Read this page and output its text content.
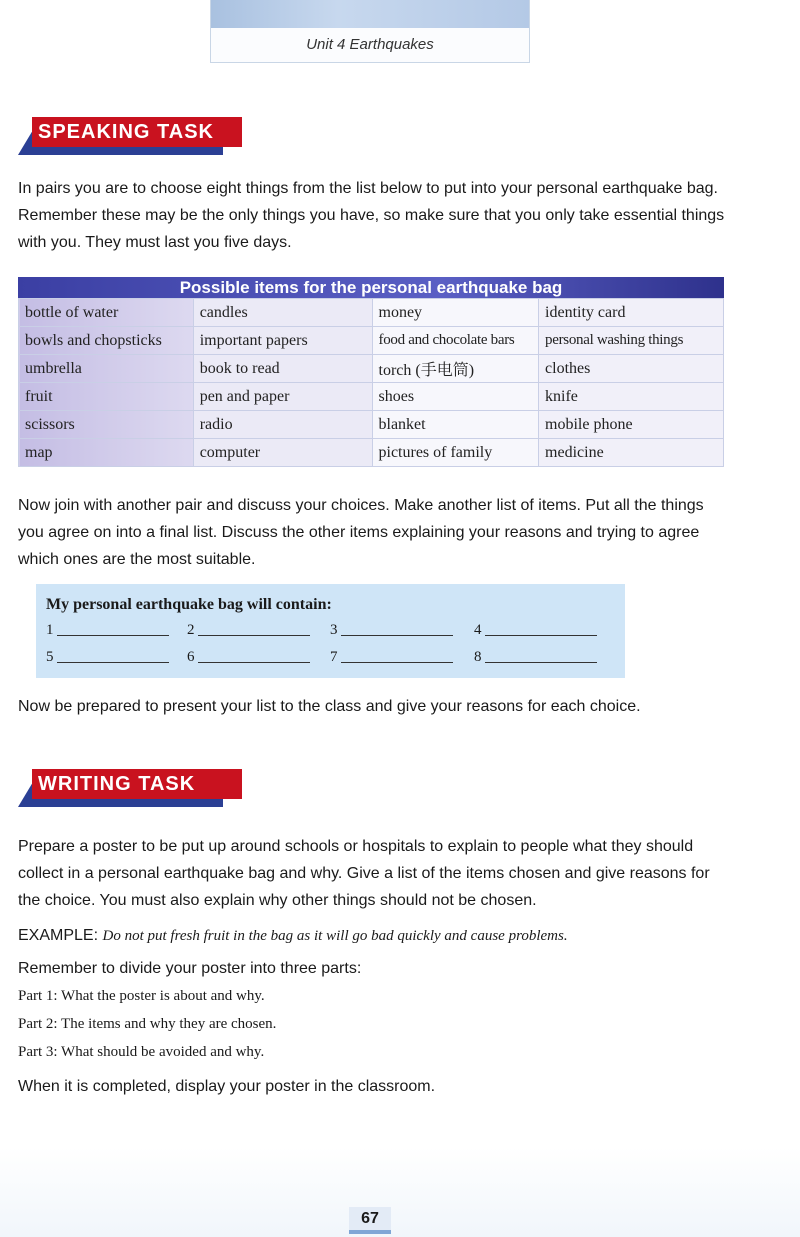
Unit 4 Earthquakes
SPEAKING TASK
In pairs you are to choose eight things from the list below to put into your personal earthquake bag. Remember these may be the only things you have, so make sure that you only take essential things with you. They must last you five days.
Possible items for the personal earthquake bag
bottle of water	candles	money	identity card
bowls and chopsticks	important papers	food and chocolate bars	personal washing things
umbrella	book to read	torch (手电筒)	clothes
fruit	pen and paper	shoes	knife
scissors	radio	blanket	mobile phone
map	computer	pictures of family	medicine
Now join with another pair and discuss your choices. Make another list of items. Put all the things you agree on into a final list. Discuss the other items explaining your reasons and trying to agree which ones are the most suitable.
My personal earthquake bag will contain:
1	2	3	4
5	6	7	8
Now be prepared to present your list to the class and give your reasons for each choice.
WRITING TASK
Prepare a poster to be put up around schools or hospitals to explain to people what they should collect in a personal earthquake bag and why. Give a list of the items chosen and give reasons for the choice. You must also explain why other things should not be chosen.
EXAMPLE: Do not put fresh fruit in the bag as it will go bad quickly and cause problems.
Remember to divide your poster into three parts:
Part 1: What the poster is about and why.
Part 2: The items and why they are chosen.
Part 3: What should be avoided and why.
When it is completed, display your poster in the classroom.
67
